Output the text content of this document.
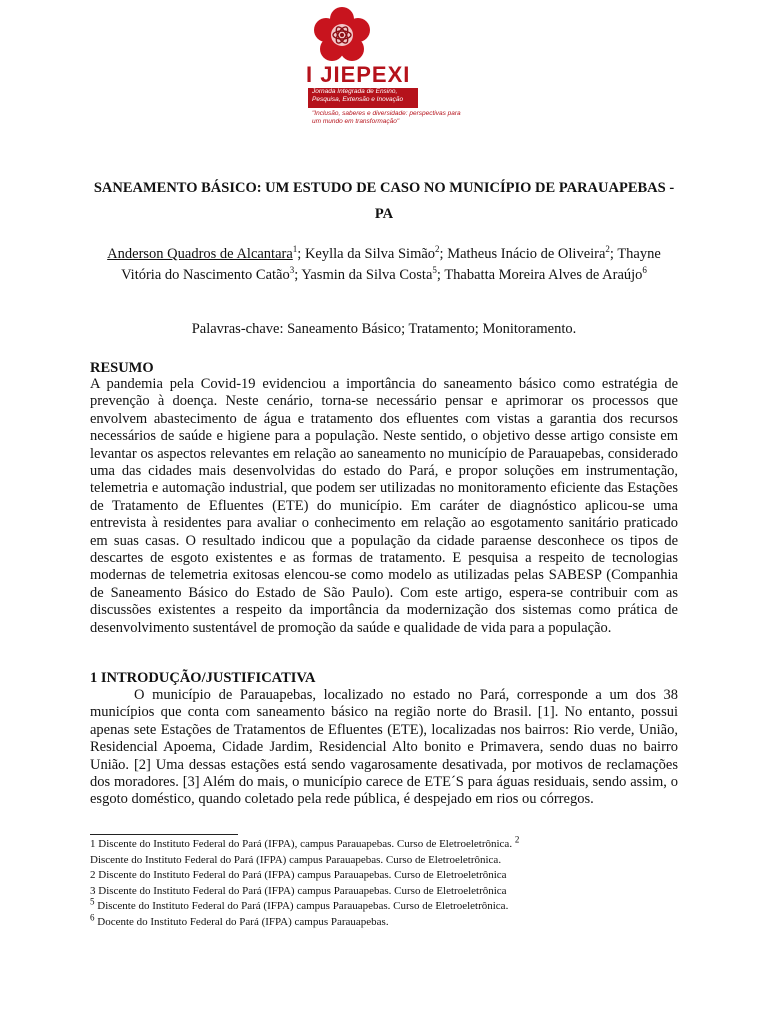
I JIEPEXI
Jornada Integrada de Ensino, Pesquisa, Extensão e Inovação
"Inclusão, saberes e diversidade: perspectivas para um mundo em transformação"
SANEAMENTO BÁSICO: UM ESTUDO DE CASO NO MUNICÍPIO DE PARAUAPEBAS - PA
Anderson Quadros de Alcantara$^1$; Keylla da Silva Simão$^2$; Matheus Inácio de Oliveira$^2$; Thayne Vitória do Nascimento Catão$^3$; Yasmin da Silva Costa$^5$; Thabatta Moreira Alves de Araújo$^6$
Palavras-chave: Saneamento Básico; Tratamento; Monitoramento.
RESUMO
A pandemia pela Covid-19 evidenciou a importância do saneamento básico como estratégia de prevenção à doença. Neste cenário, torna-se necessário pensar e aprimorar os processos que envolvem abastecimento de água e tratamento dos efluentes com vistas a garantia dos recursos necessários de saúde e higiene para a população. Neste sentido, o objetivo desse artigo consiste em levantar os aspectos relevantes em relação ao saneamento no município de Parauapebas, considerado uma das cidades mais desenvolvidas do estado do Pará, e propor soluções em instrumentação, telemetria e automação industrial, que podem ser utilizadas no monitoramento eficiente das Estações de Tratamento de Efluentes (ETE) do município. Em caráter de diagnóstico aplicou-se uma entrevista à residentes para avaliar o conhecimento em relação ao esgotamento sanitário praticado em suas casas. O resultado indicou que a população da cidade paraense desconhece os tipos de descartes de esgoto existentes e as formas de tratamento. E pesquisa a respeito de tecnologias modernas de telemetria exitosas elencou-se como modelo as utilizadas pelas SABESP (Companhia de Saneamento Básico do Estado de São Paulo). Com este artigo, espera-se contribuir com as discussões existentes a respeito da importância da modernização dos sistemas como prática de desenvolvimento sustentável de promoção da saúde e qualidade de vida para a população.
1 INTRODUÇÃO/JUSTIFICATIVA
O município de Parauapebas, localizado no estado no Pará, corresponde a um dos 38 municípios que conta com saneamento básico na região norte do Brasil. [1]. No entanto, possui apenas sete Estações de Tratamentos de Efluentes (ETE), localizadas nos bairros: Rio verde, União, Residencial Apoema, Cidade Jardim, Residencial Alto bonito e Primavera, sendo duas no bairro União. [2] Uma dessas estações está sendo vagarosamente desativada, por motivos de reclamações dos moradores. [3] Além do mais, o município carece de ETE´S para águas residuais, sendo assim, o esgoto doméstico, quando coletado pela rede pública, é despejado em rios ou córregos.

1 Discente do Instituto Federal do Pará (IFPA), campus Parauapebas. Curso de Eletroeletrônica. $^2$

Discente do Instituto Federal do Pará (IFPA) campus Parauapebas. Curso de Eletroeletrônica.

2 Discente do Instituto Federal do Pará (IFPA) campus Parauapebas. Curso de Eletroeletrônica

3 Discente do Instituto Federal do Pará (IFPA) campus Parauapebas. Curso de Eletroeletrônica

$^5$ Discente do Instituto Federal do Pará (IFPA) campus Parauapebas. Curso de Eletroeletrônica.

$^6$ Docente do Instituto Federal do Pará (IFPA) campus Parauapebas.
